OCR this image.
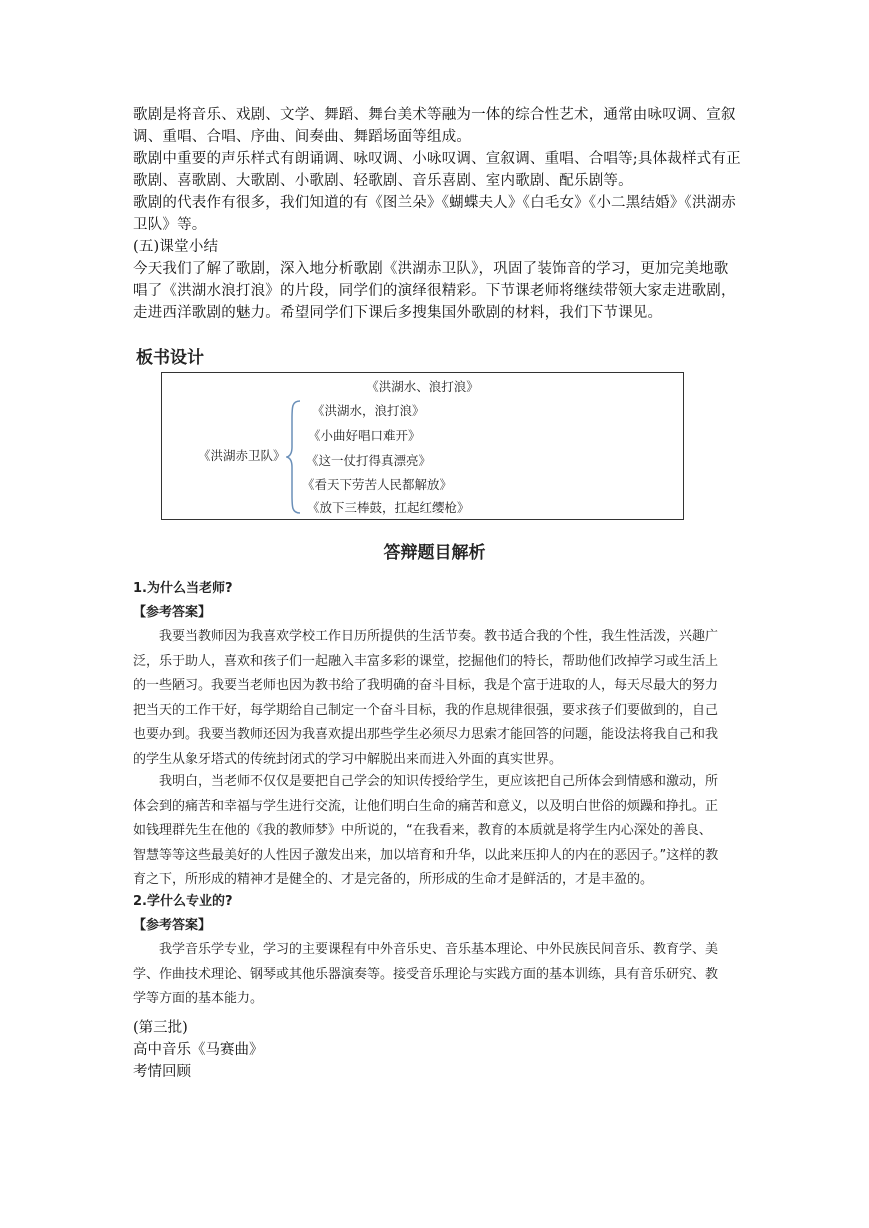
歌剧是将音乐、戏剧、文学、舞蹈、舞台美术等融为一体的综合性艺术，通常由咏叹调、宣叙调、重唱、合唱、序曲、间奏曲、舞蹈场面等组成。

歌剧中重要的声乐样式有朗诵调、咏叹调、小咏叹调、宣叙调、重唱、合唱等;具体裁样式有正歌剧、喜歌剧、大歌剧、小歌剧、轻歌剧、音乐喜剧、室内歌剧、配乐剧等。

歌剧的代表作有很多，我们知道的有《图兰朵》《蝴蝶夫人》《白毛女》《小二黑结婚》《洪湖赤卫队》等。

(五)课堂小结

今天我们了解了歌剧，深入地分析歌剧《洪湖赤卫队》，巩固了装饰音的学习，更加完美地歌唱了《洪湖水浪打浪》的片段，同学们的演绎很精彩。下节课老师将继续带领大家走进歌剧，走进西洋歌剧的魅力。希望同学们下课后多搜集国外歌剧的材料，我们下节课见。

板书设计
《洪湖水、浪打浪》
《洪湖赤卫队》
《洪湖水，浪打浪》
《小曲好唱口难开》
《这一仗打得真漂亮》
《看天下劳苦人民都解放》
《放下三棒鼓，扛起红缨枪》
答辩题目解析

1.为什么当老师?

【参考答案】

我要当教师因为我喜欢学校工作日历所提供的生活节奏。教书适合我的个性，我生性活泼，兴趣广泛，乐于助人，喜欢和孩子们一起融入丰富多彩的课堂，挖掘他们的特长，帮助他们改掉学习或生活上的一些陋习。我要当老师也因为教书给了我明确的奋斗目标，我是个富于进取的人，每天尽最大的努力把当天的工作干好，每学期给自己制定一个奋斗目标，我的作息规律很强，要求孩子们要做到的，自己也要办到。我要当教师还因为我喜欢提出那些学生必须尽力思索才能回答的问题，能设法将我自己和我的学生从象牙塔式的传统封闭式的学习中解脱出来而进入外面的真实世界。

我明白，当老师不仅仅是要把自己学会的知识传授给学生，更应该把自己所体会到情感和激动，所体会到的痛苦和幸福与学生进行交流，让他们明白生命的痛苦和意义，以及明白世俗的烦躁和挣扎。正如钱理群先生在他的《我的教师梦》中所说的，“在我看来，教育的本质就是将学生内心深处的善良、智慧等等这些最美好的人性因子激发出来，加以培育和升华，以此来压抑人的内在的恶因子。”这样的教育之下，所形成的精神才是健全的、才是完备的，所形成的生命才是鲜活的，才是丰盈的。

2.学什么专业的?

【参考答案】

我学音乐学专业，学习的主要课程有中外音乐史、音乐基本理论、中外民族民间音乐、教育学、美学、作曲技术理论、钢琴或其他乐器演奏等。接受音乐理论与实践方面的基本训练，具有音乐研究、教学等方面的基本能力。

(第三批)

高中音乐《马赛曲》

考情回顾
